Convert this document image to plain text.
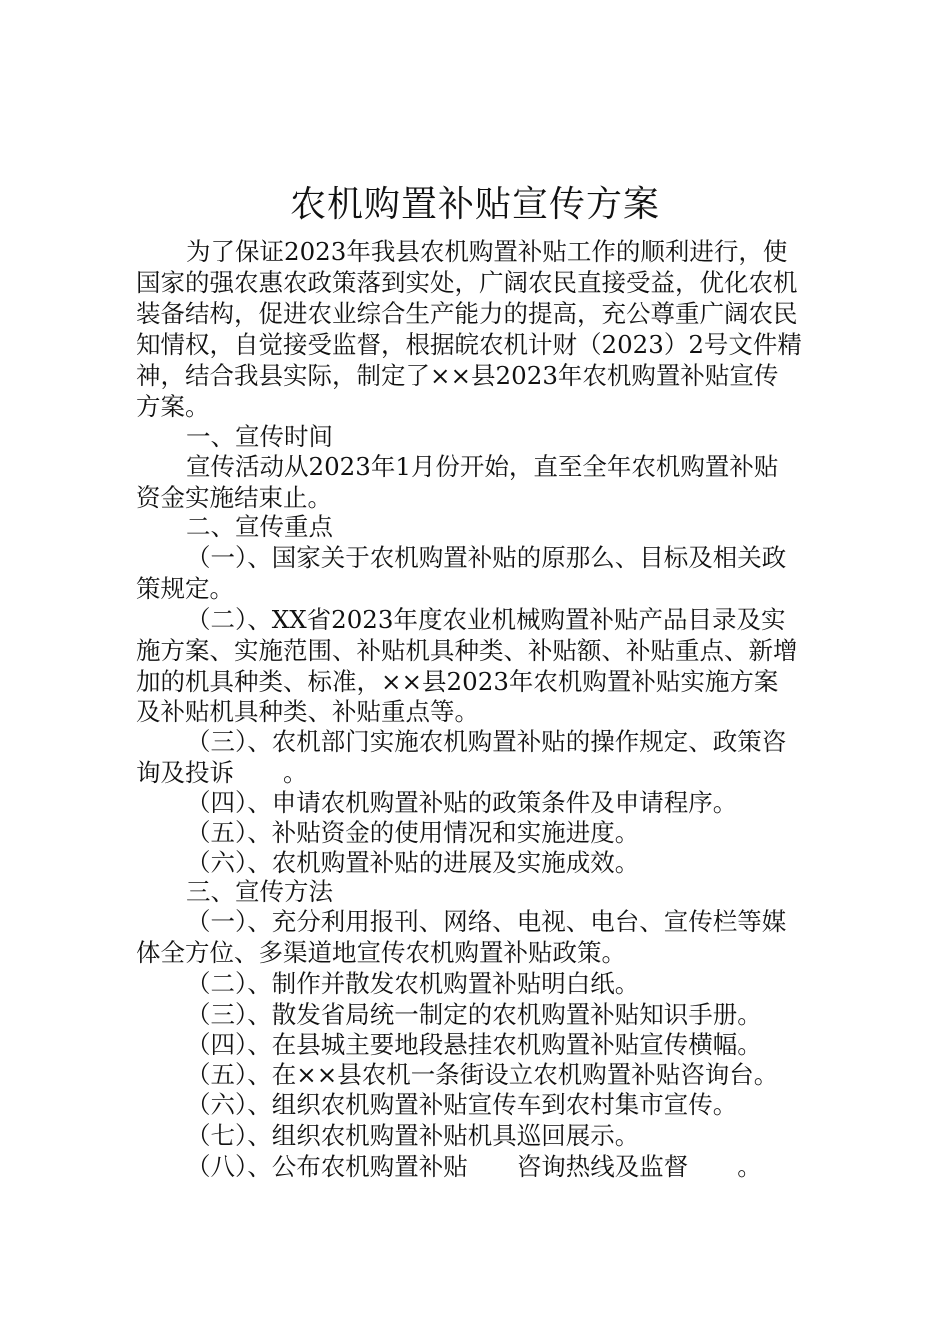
农机购置补贴宣传方案
为了保证2023年我县农机购置补贴工作的顺利进行，使
国家的强农惠农政策落到实处，广阔农民直接受益，优化农机
装备结构，促进农业综合生产能力的提高，充公尊重广阔农民
知情权，自觉接受监督，根据皖农机计财（2023）2号文件精
神，结合我县实际，制定了××县2023年农机购置补贴宣传
方案。
一、宣传时间
宣传活动从2023年1月份开始，直至全年农机购置补贴
资金实施结束止。
二、宣传重点
（一）、国家关于农机购置补贴的原那么、目标及相关政
策规定。
（二）、XX省2023年度农业机械购置补贴产品目录及实
施方案、实施范围、补贴机具种类、补贴额、补贴重点、新增
加的机具种类、标准，××县2023年农机购置补贴实施方案
及补贴机具种类、补贴重点等。
（三）、农机部门实施农机购置补贴的操作规定、政策咨
询及投诉　　。
（四）、申请农机购置补贴的政策条件及申请程序。
（五）、补贴资金的使用情况和实施进度。
（六）、农机购置补贴的进展及实施成效。
三、宣传方法
（一）、充分利用报刊、网络、电视、电台、宣传栏等媒
体全方位、多渠道地宣传农机购置补贴政策。
（二）、制作并散发农机购置补贴明白纸。
（三）、散发省局统一制定的农机购置补贴知识手册。
（四）、在县城主要地段悬挂农机购置补贴宣传横幅。
（五）、在××县农机一条街设立农机购置补贴咨询台。
（六）、组织农机购置补贴宣传车到农村集市宣传。
（七）、组织农机购置补贴机具巡回展示。
（八）、公布农机购置补贴　　咨询热线及监督　　。
